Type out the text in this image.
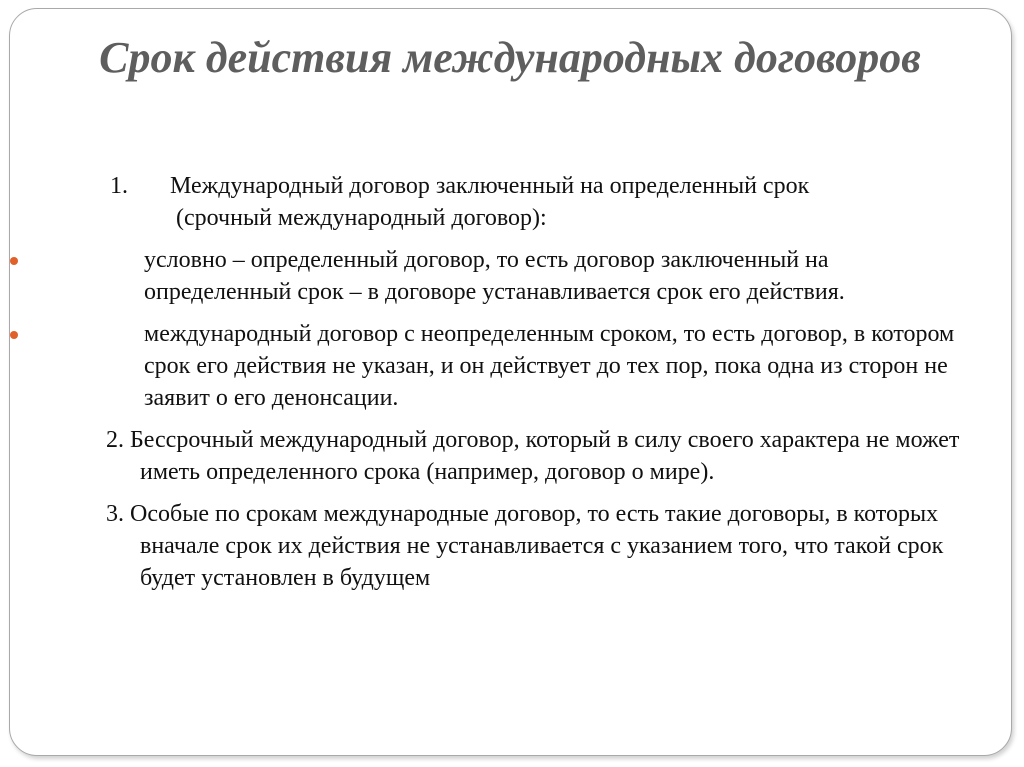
Срок действия международных договоров
1. Международный договор заключенный на определенный срок
(срочный международный договор):
условно – определенный договор, то есть договор заключенный на определенный срок – в договоре устанавливается срок его действия.
международный договор с неопределенным сроком, то есть договор, в котором срок его действия не указан, и он действует до тех пор, пока одна из сторон не заявит о его денонсации.
2. Бессрочный международный договор, который в силу своего характера не может иметь определенного срока (например, договор о мире).
3. Особые по срокам международные договор, то есть такие договоры, в которых вначале срок их действия не устанавливается с указанием того, что такой срок будет установлен в будущем
